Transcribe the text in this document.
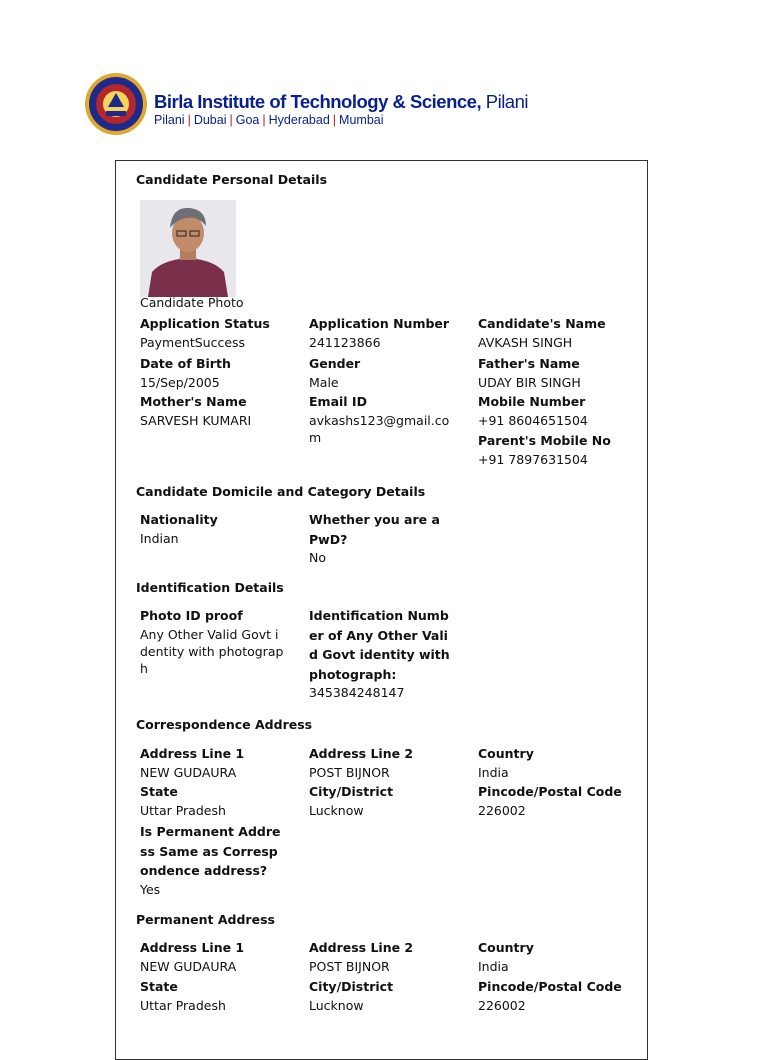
Birla Institute of Technology & Science, Pilani
Pilani | Dubai | Goa | Hyderabad | Mumbai
Candidate Personal Details
Candidate Photo
Application Status
PaymentSuccess
Application Number
241123866
Candidate's Name
AVKASH SINGH
Date of Birth
15/Sep/2005
Gender
Male
Father's Name
UDAY BIR SINGH
Mother's Name
SARVESH KUMARI
Email ID
avkashs123@gmail.com
Mobile Number
+91 8604651504
Parent's Mobile No
+91 7897631504
Candidate Domicile and Category Details
Nationality
Indian
Whether you are a PwD?
No
Identification Details
Photo ID proof
Any Other Valid Govt identity with photograph
Identification Number of Any Other Valid Govt identity with photograph:
345384248147
Correspondence Address
Address Line 1
NEW GUDAURA
Address Line 2
POST BIJNOR
Country
India
State
Uttar Pradesh
City/District
Lucknow
Pincode/Postal Code
226002
Is Permanent Address Same as Correspondence address?
Yes
Permanent Address
Address Line 1
NEW GUDAURA
Address Line 2
POST BIJNOR
Country
India
State
Uttar Pradesh
City/District
Lucknow
Pincode/Postal Code
226002
